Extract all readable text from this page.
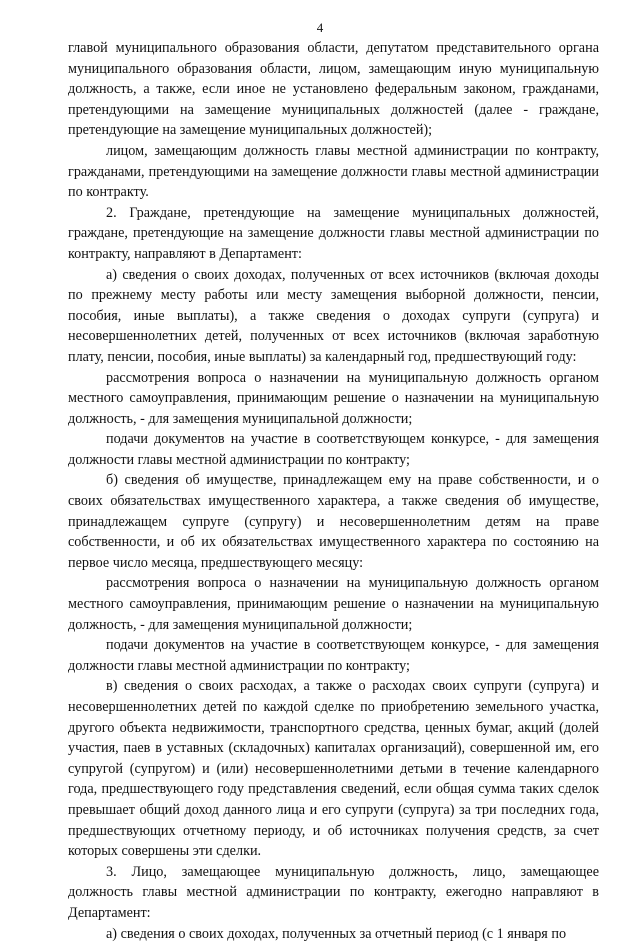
4

главой муниципального образования области, депутатом представительного органа муниципального образования области, лицом, замещающим иную муниципальную должность, а также, если иное не установлено федеральным законом, гражданами, претендующими на замещение муниципальных должностей (далее - граждане, претендующие на замещение муниципальных должностей);

лицом, замещающим должность главы местной администрации по контракту, гражданами, претендующими на замещение должности главы местной администрации по контракту.

2. Граждане, претендующие на замещение муниципальных должностей, граждане, претендующие на замещение должности главы местной администрации по контракту, направляют в Департамент:

а) сведения о своих доходах, полученных от всех источников (включая доходы по прежнему месту работы или месту замещения выборной должности, пенсии, пособия, иные выплаты), а также сведения о доходах супруги (супруга) и несовершеннолетних детей, полученных от всех источников (включая заработную плату, пенсии, пособия, иные выплаты) за календарный год, предшествующий году:

рассмотрения вопроса о назначении на муниципальную должность органом местного самоуправления, принимающим решение о назначении на муниципальную должность, - для замещения муниципальной должности;

подачи документов на участие в соответствующем конкурсе, - для замещения должности главы местной администрации по контракту;

б) сведения об имуществе, принадлежащем ему на праве собственности, и о своих обязательствах имущественного характера, а также сведения об имуществе, принадлежащем супруге (супругу) и несовершеннолетним детям на праве собственности, и об их обязательствах имущественного характера по состоянию на первое число месяца, предшествующего месяцу:

рассмотрения вопроса о назначении на муниципальную должность органом местного самоуправления, принимающим решение о назначении на муниципальную должность, - для замещения муниципальной должности;

подачи документов на участие в соответствующем конкурсе, - для замещения должности главы местной администрации по контракту;

в) сведения о своих расходах, а также о расходах своих супруги (супруга) и несовершеннолетних детей по каждой сделке по приобретению земельного участка, другого объекта недвижимости, транспортного средства, ценных бумаг, акций (долей участия, паев в уставных (складочных) капиталах организаций), совершенной им, его супругой (супругом) и (или) несовершеннолетними детьми в течение календарного года, предшествующего году представления сведений, если общая сумма таких сделок превышает общий доход данного лица и его супруги (супруга) за три последних года, предшествующих отчетному периоду, и об источниках получения средств, за счет которых совершены эти сделки.

3. Лицо, замещающее муниципальную должность, лицо, замещающее должность главы местной администрации по контракту, ежегодно направляют в Департамент:

а) сведения о своих доходах, полученных за отчетный период (с 1 января по
